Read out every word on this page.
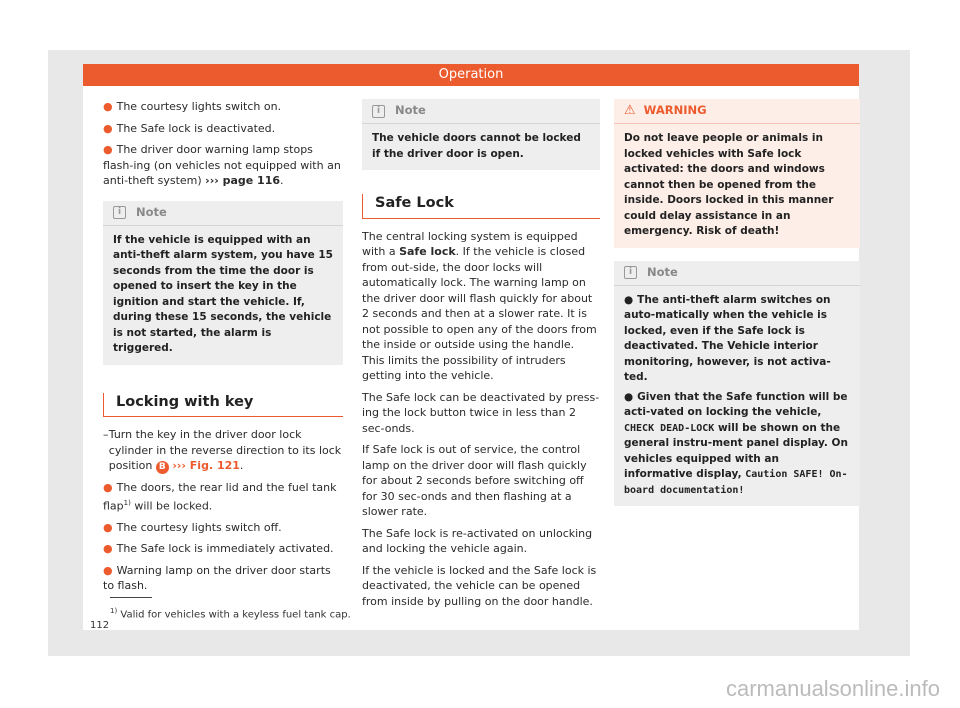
Operation
● The courtesy lights switch on.
● The Safe lock is deactivated.
● The driver door warning lamp stops flash-ing (on vehicles not equipped with an anti-theft system) ››› page 116.
i	Note
If the vehicle is equipped with an anti-theft alarm system, you have 15 seconds from the time the door is opened to insert the key in the ignition and start the vehicle. If, during these 15 seconds, the vehicle is not started, the alarm is triggered.
Locking with key
– Turn the key in the driver door lock cylinder in the reverse direction to its lock position B ››› Fig. 121.
● The doors, the rear lid and the fuel tank flap$^{1)}$ will be locked.
● The courtesy lights switch off.
● The Safe lock is immediately activated.
● Warning lamp on the driver door starts to flash.
i	Note
The vehicle doors cannot be locked if the driver door is open.
Safe Lock
The central locking system is equipped with a Safe lock. If the vehicle is closed from out-side, the door locks will automatically lock. The warning lamp on the driver door will flash quickly for about 2 seconds and then at a slower rate. It is not possible to open any of the doors from the inside or outside using the handle. This limits the possibility of intruders getting into the vehicle.
The Safe lock can be deactivated by press-ing the lock button twice in less than 2 sec-onds.
If Safe lock is out of service, the control lamp on the driver door will flash quickly for about 2 seconds before switching off for 30 sec-onds and then flashing at a slower rate.
The Safe lock is re-activated on unlocking and locking the vehicle again.
If the vehicle is locked and the Safe lock is deactivated, the vehicle can be opened from inside by pulling on the door handle.
⚠ WARNING
Do not leave people or animals in locked vehicles with Safe lock activated: the doors and windows cannot then be opened from the inside. Doors locked in this manner could delay assistance in an emergency. Risk of death!
i	Note
● The anti-theft alarm switches on auto-matically when the vehicle is locked, even if the Safe lock is deactivated. The Vehicle interior monitoring, however, is not activa-ted.
● Given that the Safe function will be acti-vated on locking the vehicle, CHECK DEAD-LOCK will be shown on the general instru-ment panel display. On vehicles equipped with an informative display, Caution SAFE! On-board documentation!
$^{1)}$ Valid for vehicles with a keyless fuel tank cap.
112
carmanualsonline.info
